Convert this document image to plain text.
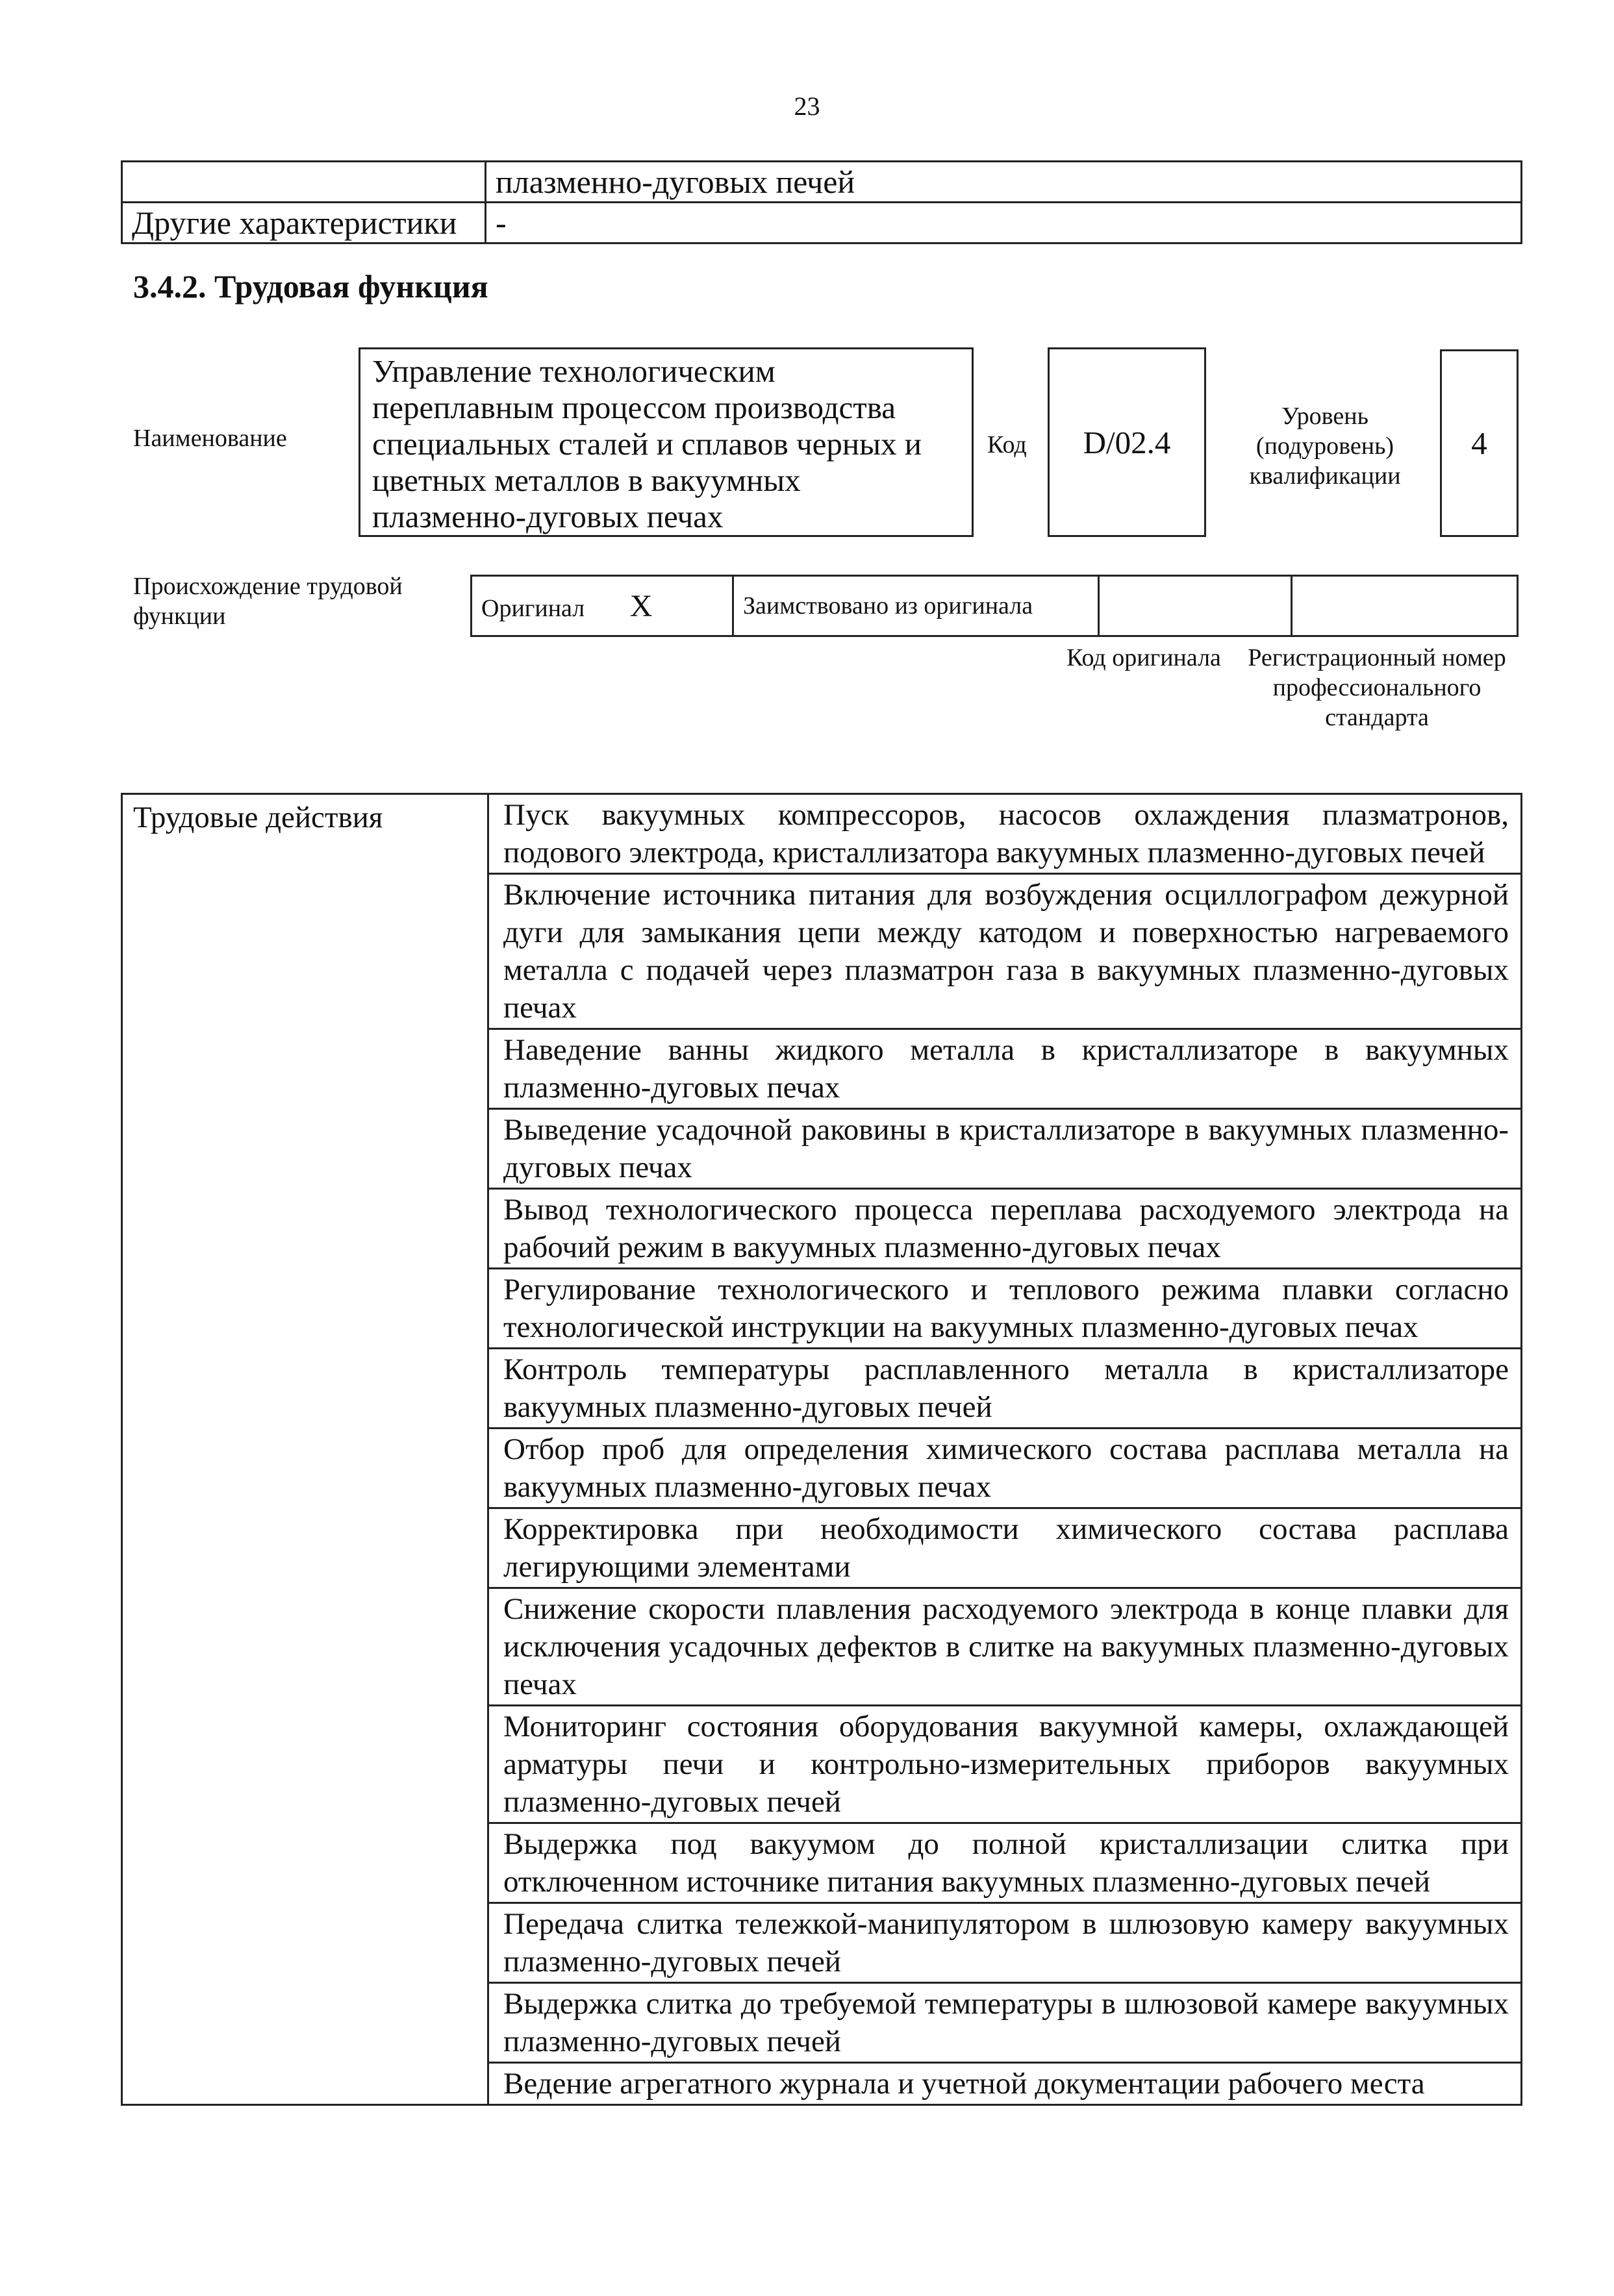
23
	плазменно-дуговых печей
Другие характеристики	-
3.4.2. Трудовая функция
Наименование
Управление технологическим переплавным процессом производства специальных сталей и сплавов черных и цветных металлов в вакуумных плазменно-дуговых печах
Код D/02.4
Уровень
(подуровень)
квалификации
4
Происхождение трудовой функции	Оригинал X	Заимствовано из оригинала		
Код оригинала	Регистрационный номер профессионального стандарта
Трудовые действия	Пуск вакуумных компрессоров, насосов охлаждения плазматронов, подового электрода, кристаллизатора вакуумных плазменно-дуговых печей
Включение источника питания для возбуждения осциллографом дежурной дуги для замыкания цепи между катодом и поверхностью нагреваемого металла с подачей через плазматрон газа в вакуумных плазменно-дуговых печах
Наведение ванны жидкого металла в кристаллизаторе в вакуумных плазменно-дуговых печах
Выведение усадочной раковины в кристаллизаторе в вакуумных плазменно-дуговых печах
Вывод технологического процесса переплава расходуемого электрода на рабочий режим в вакуумных плазменно-дуговых печах
Регулирование технологического и теплового режима плавки согласно технологической инструкции на вакуумных плазменно-дуговых печах
Контроль температуры расплавленного металла в кристаллизаторе вакуумных плазменно-дуговых печей
Отбор проб для определения химического состава расплава металла на вакуумных плазменно-дуговых печах
Корректировка при необходимости химического состава расплава легирующими элементами
Снижение скорости плавления расходуемого электрода в конце плавки для исключения усадочных дефектов в слитке на вакуумных плазменно-дуговых печах
Мониторинг состояния оборудования вакуумной камеры, охлаждающей арматуры печи и контрольно-измерительных приборов вакуумных плазменно-дуговых печей
Выдержка под вакуумом до полной кристаллизации слитка при отключенном источнике питания вакуумных плазменно-дуговых печей
Передача слитка тележкой-манипулятором в шлюзовую камеру вакуумных плазменно-дуговых печей
Выдержка слитка до требуемой температуры в шлюзовой камере вакуумных плазменно-дуговых печей
Ведение агрегатного журнала и учетной документации рабочего места
